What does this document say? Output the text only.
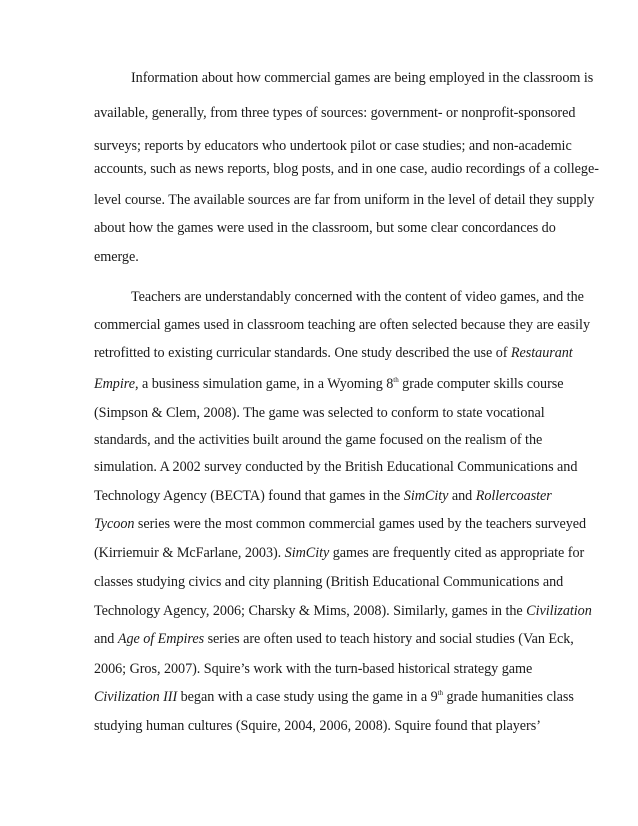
Information about how commercial games are being employed in the classroom is
available, generally, from three types of sources: government- or nonprofit-sponsored
surveys; reports by educators who undertook pilot or case studies; and non-academic
accounts, such as news reports, blog posts, and in one case, audio recordings of a college-
level course. The available sources are far from uniform in the level of detail they supply
about how the games were used in the classroom, but some clear concordances do
emerge.
Teachers are understandably concerned with the content of video games, and the
commercial games used in classroom teaching are often selected because they are easily
retrofitted to existing curricular standards. One study described the use of Restaurant
Empire, a business simulation game, in a Wyoming 8th grade computer skills course
(Simpson & Clem, 2008). The game was selected to conform to state vocational
standards, and the activities built around the game focused on the realism of the
simulation. A 2002 survey conducted by the British Educational Communications and
Technology Agency (BECTA) found that games in the SimCity and Rollercoaster
Tycoon series were the most common commercial games used by the teachers surveyed
(Kirriemuir & McFarlane, 2003). SimCity games are frequently cited as appropriate for
classes studying civics and city planning (British Educational Communications and
Technology Agency, 2006; Charsky & Mims, 2008). Similarly, games in the Civilization
and Age of Empires series are often used to teach history and social studies (Van Eck,
2006; Gros, 2007). Squire’s work with the turn-based historical strategy game
Civilization III began with a case study using the game in a 9th grade humanities class
studying human cultures (Squire, 2004, 2006, 2008). Squire found that players’
